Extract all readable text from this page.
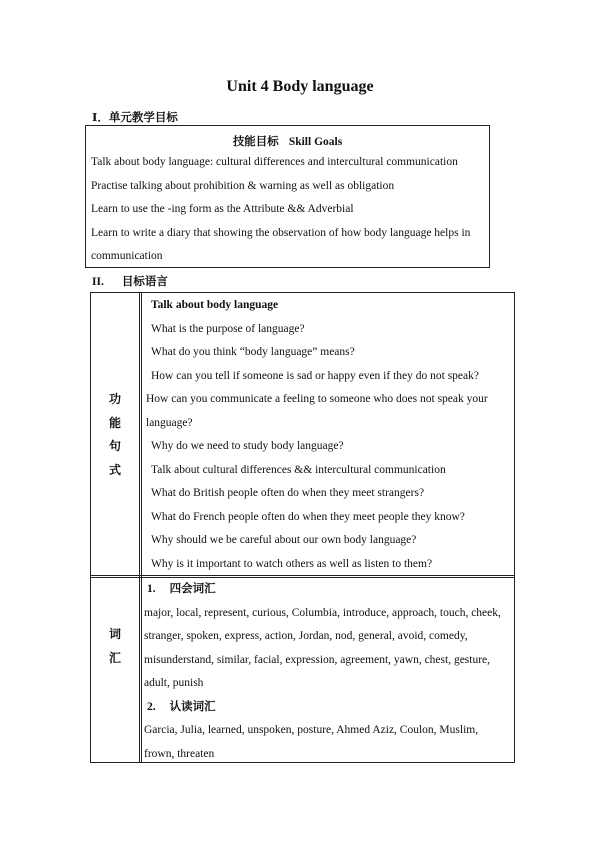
Unit 4 Body language
Ⅰ．单元教学目标
技能目标 Skill Goals
Talk about body language: cultural differences and intercultural communication
Practise talking about prohibition & warning as well as obligation
Learn to use the -ing form as the Attribute && Adverbial
Learn to write a diary that showing the observation of how body language helps in communication
II. 目标语言
功
能
句
式
Talk about body language
What is the purpose of language?
What do you think “body language” means?
How can you tell if someone is sad or happy even if they do not speak?
How can you communicate a feeling to someone who does not speak your language?
Why do we need to study body language?
Talk about cultural differences && intercultural communication
What do British people often do when they meet strangers?
What do French people often do when they meet people they know?
Why should we be careful about our own body language?
Why is it important to watch others as well as listen to them?
词
汇
1. 四会词汇
major, local, represent, curious, Columbia, introduce, approach, touch, cheek, stranger, spoken, express, action, Jordan, nod, general, avoid, comedy, misunderstand, similar, facial, expression, agreement, yawn, chest, gesture, adult, punish
2. 认读词汇
Garcia, Julia, learned, unspoken, posture, Ahmed Aziz, Coulon, Muslim, frown, threaten
